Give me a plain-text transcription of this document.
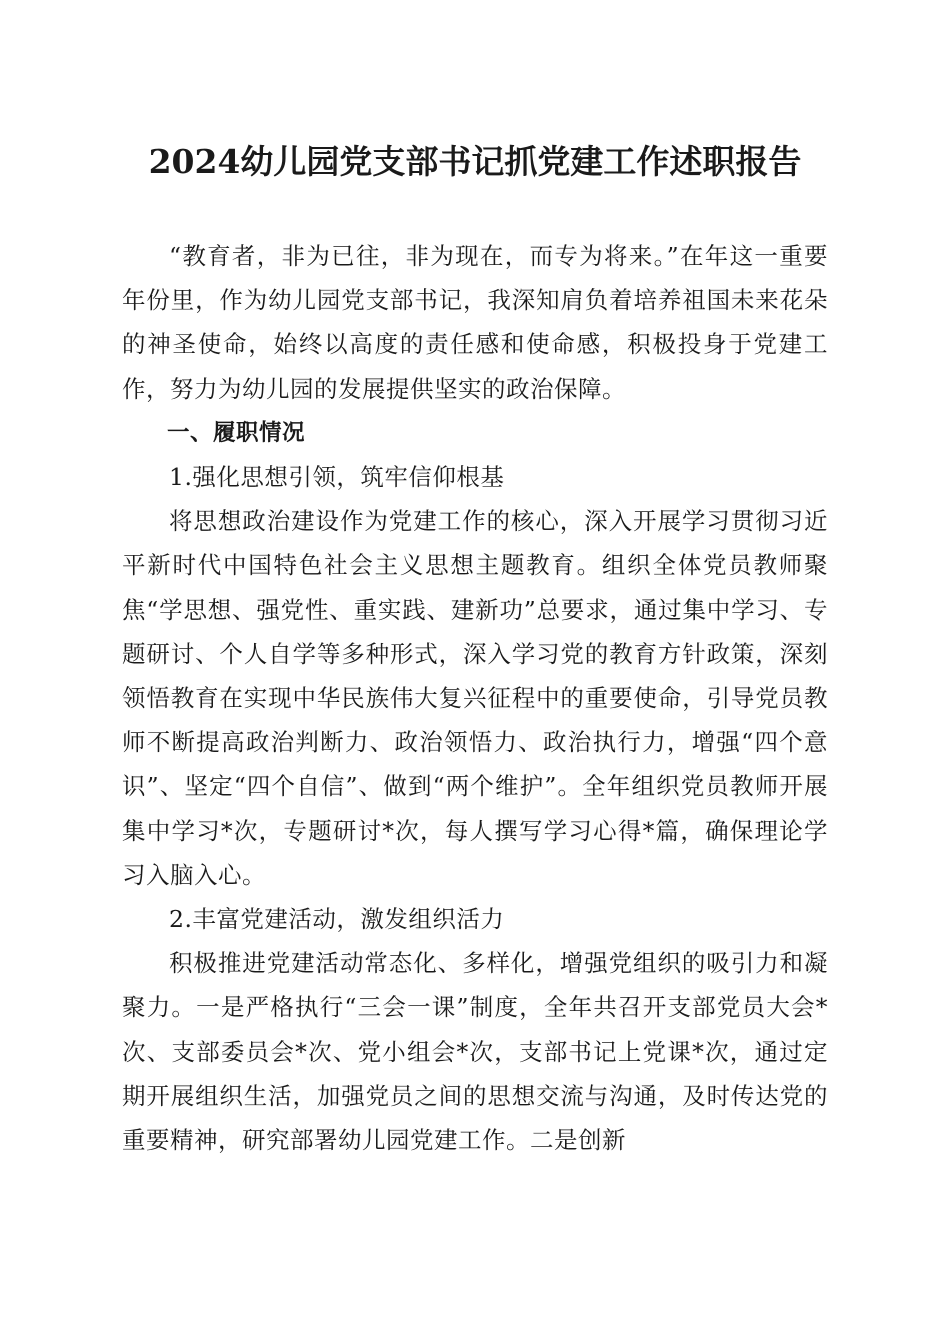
2024幼儿园党支部书记抓党建工作述职报告

“教育者，非为已往，非为现在，而专为将来。”在年这一重要年份里，作为幼儿园党支部书记，我深知肩负着培养祖国未来花朵的神圣使命，始终以高度的责任感和使命感，积极投身于党建工作，努力为幼儿园的发展提供坚实的政治保障。

一、履职情况

1.强化思想引领，筑牢信仰根基

将思想政治建设作为党建工作的核心，深入开展学习贯彻习近平新时代中国特色社会主义思想主题教育。组织全体党员教师聚焦“学思想、强党性、重实践、建新功”总要求，通过集中学习、专题研讨、个人自学等多种形式，深入学习党的教育方针政策，深刻领悟教育在实现中华民族伟大复兴征程中的重要使命，引导党员教师不断提高政治判断力、政治领悟力、政治执行力，增强“四个意识”、坚定“四个自信”、做到“两个维护”。全年组织党员教师开展集中学习*次，专题研讨*次，每人撰写学习心得*篇，确保理论学习入脑入心。

2.丰富党建活动，激发组织活力

积极推进党建活动常态化、多样化，增强党组织的吸引力和凝聚力。一是严格执行“三会一课”制度，全年共召开支部党员大会*次、支部委员会*次、党小组会*次，支部书记上党课*次，通过定期开展组织生活，加强党员之间的思想交流与沟通，及时传达党的重要精神，研究部署幼儿园党建工作。二是创新
